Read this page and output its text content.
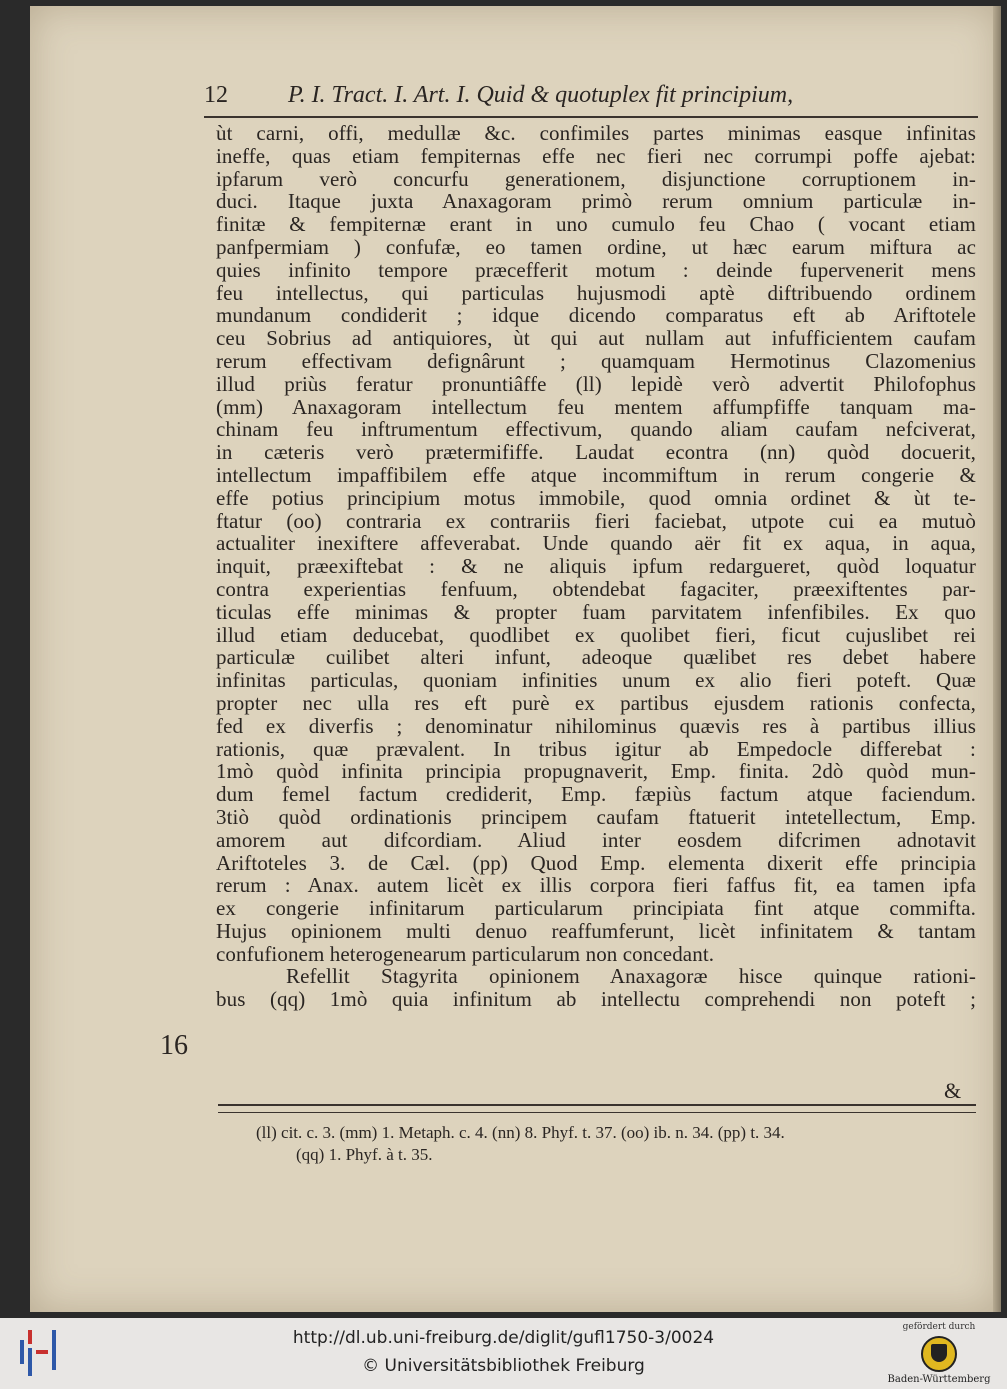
12	P. I. Tract. I. Art. I. Quid & quotuplex fit principium,
ùt carni, offi, medullæ &c. confimiles partes minimas easque infinitas
ineffe, quas etiam fempiternas effe nec fieri nec corrumpi poffe ajebat:
ipfarum verò concurfu generationem, disjunctione corruptionem in-
duci. Itaque juxta Anaxagoram primò rerum omnium particulæ in-
finitæ & fempiternæ erant in uno cumulo feu Chao ( vocant etiam
panfpermiam ) confufæ, eo tamen ordine, ut hæc earum miftura ac
quies infinito tempore præcefferit motum : deinde fupervenerit mens
feu intellectus, qui particulas hujusmodi aptè diftribuendo ordinem
mundanum condiderit ; idque dicendo comparatus eft ab Ariftotele
ceu Sobrius ad antiquiores, ùt qui aut nullam aut infufficientem caufam
rerum effectivam defignârunt ; quamquam Hermotinus Clazomenius
illud priùs feratur pronuntiâffe (ll) lepidè verò advertit Philofophus
(mm) Anaxagoram intellectum feu mentem affumpfiffe tanquam ma-
chinam feu inftrumentum effectivum, quando aliam caufam nefciverat,
in cæteris verò prætermififfe. Laudat econtra (nn) quòd docuerit,
intellectum impaffibilem effe atque incommiftum in rerum congerie &
effe potius principium motus immobile, quod omnia ordinet & ùt te-
ftatur (oo) contraria ex contrariis fieri faciebat, utpote cui ea mutuò
actualiter inexiftere affeverabat. Unde quando aër fit ex aqua, in aqua,
inquit, præexiftebat : & ne aliquis ipfum redargueret, quòd loquatur
contra experientias fenfuum, obtendebat fagaciter, præexiftentes par-
ticulas effe minimas & propter fuam parvitatem infenfibiles. Ex quo
illud etiam deducebat, quodlibet ex quolibet fieri, ficut cujuslibet rei
particulæ cuilibet alteri infunt, adeoque quælibet res debet habere
infinitas particulas, quoniam infinities unum ex alio fieri poteft. Quæ
propter nec ulla res eft purè ex partibus ejusdem rationis confecta,
fed ex diverfis ; denominatur nihilominus quævis res à partibus illius
rationis, quæ prævalent. In tribus igitur ab Empedocle differebat :
1mò quòd infinita principia propugnaverit, Emp. finita. 2dò quòd mun-
dum femel factum crediderit, Emp. fæpiùs factum atque faciendum.
3tiò quòd ordinationis principem caufam ftatuerit intetellectum, Emp.
amorem aut difcordiam. Aliud inter eosdem difcrimen adnotavit
Ariftoteles 3. de Cæl. (pp) Quod Emp. elementa dixerit effe principia
rerum : Anax. autem licèt ex illis corpora fieri faffus fit, ea tamen ipfa
ex congerie infinitarum particularum principiata fint atque commifta.
Hujus opinionem multi denuo reaffumferunt, licèt infinitatem & tantam
confufionem heterogenearum particularum non concedant.
Refellit Stagyrita opinionem Anaxagoræ hisce quinque rationi-
bus (qq) 1mò quia infinitum ab intellectu comprehendi non poteft ;
16
&
(ll) cit. c. 3. (mm) 1. Metaph. c. 4. (nn) 8. Phyf. t. 37. (oo) ib. n. 34. (pp) t. 34.
(qq) 1. Phyf. à t. 35.
http://dl.ub.uni-freiburg.de/diglit/gufl1750-3/0024
© Universitätsbibliothek Freiburg
gefördert durch
Baden-Württemberg
